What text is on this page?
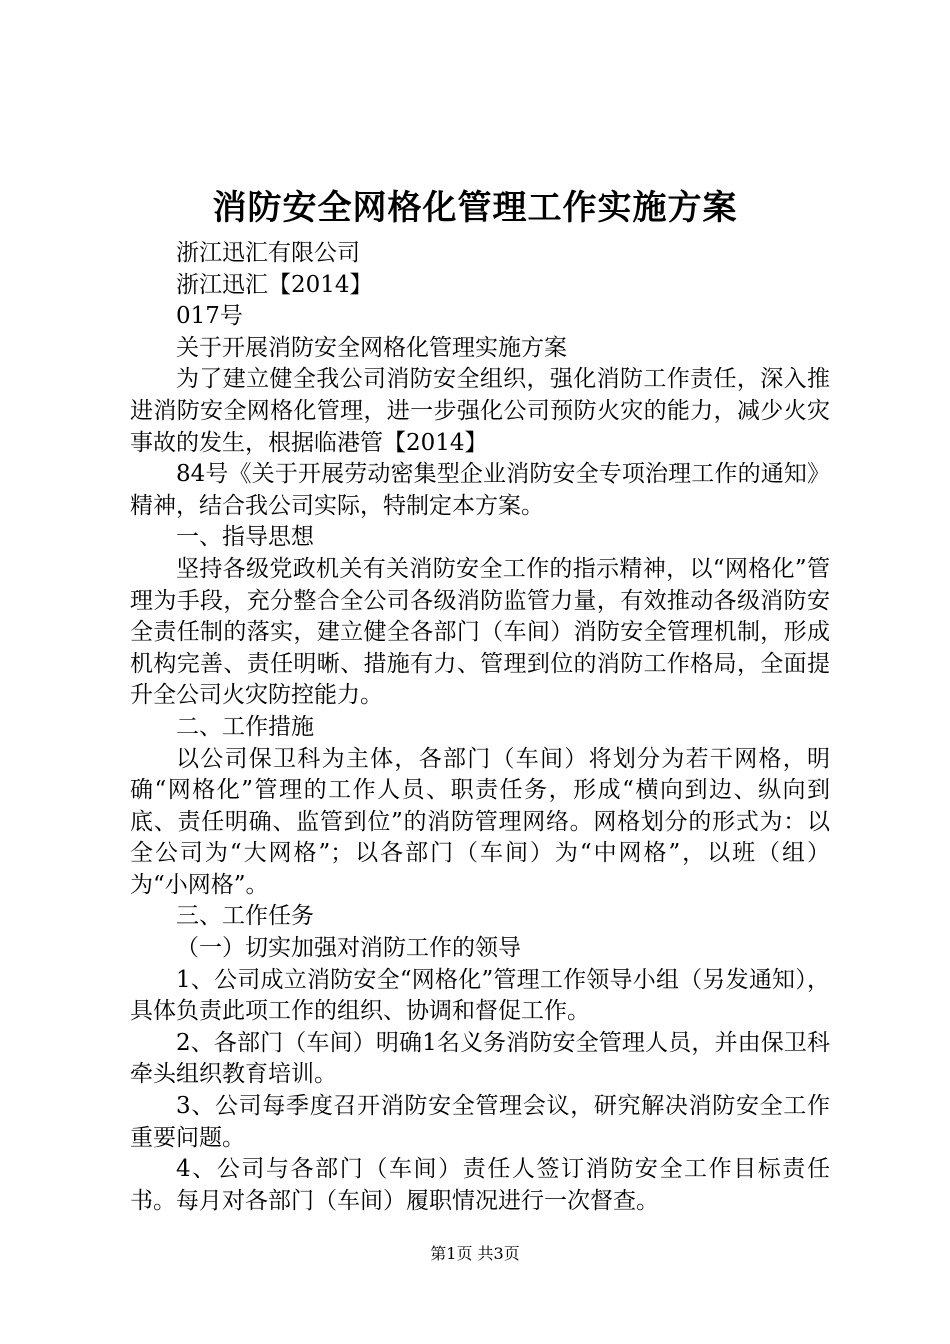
消防安全网格化管理工作实施方案

浙江迅汇有限公司

浙江迅汇【2014】

017号

关于开展消防安全网格化管理实施方案

为了建立健全我公司消防安全组织，强化消防工作责任，深入推进消防安全网格化管理，进一步强化公司预防火灾的能力，减少火灾事故的发生，根据临港管【2014】

84号《关于开展劳动密集型企业消防安全专项治理工作的通知》精神，结合我公司实际，特制定本方案。

一、指导思想

坚持各级党政机关有关消防安全工作的指示精神，以“网格化”管理为手段，充分整合全公司各级消防监管力量，有效推动各级消防安全责任制的落实，建立健全各部门（车间）消防安全管理机制，形成机构完善、责任明晰、措施有力、管理到位的消防工作格局，全面提升全公司火灾防控能力。

二、工作措施

以公司保卫科为主体，各部门（车间）将划分为若干网格，明确“网格化”管理的工作人员、职责任务，形成“横向到边、纵向到底、责任明确、监管到位”的消防管理网络。网格划分的形式为：以全公司为“大网格”；以各部门（车间）为“中网格”，以班（组）为“小网格”。

三、工作任务

（一）切实加强对消防工作的领导

1、公司成立消防安全“网格化”管理工作领导小组（另发通知），具体负责此项工作的组织、协调和督促工作。

2、各部门（车间）明确1名义务消防安全管理人员，并由保卫科牵头组织教育培训。

3、公司每季度召开消防安全管理会议，研究解决消防安全工作重要问题。

4、公司与各部门（车间）责任人签订消防安全工作目标责任书。每月对各部门（车间）履职情况进行一次督查。

第1页 共3页
